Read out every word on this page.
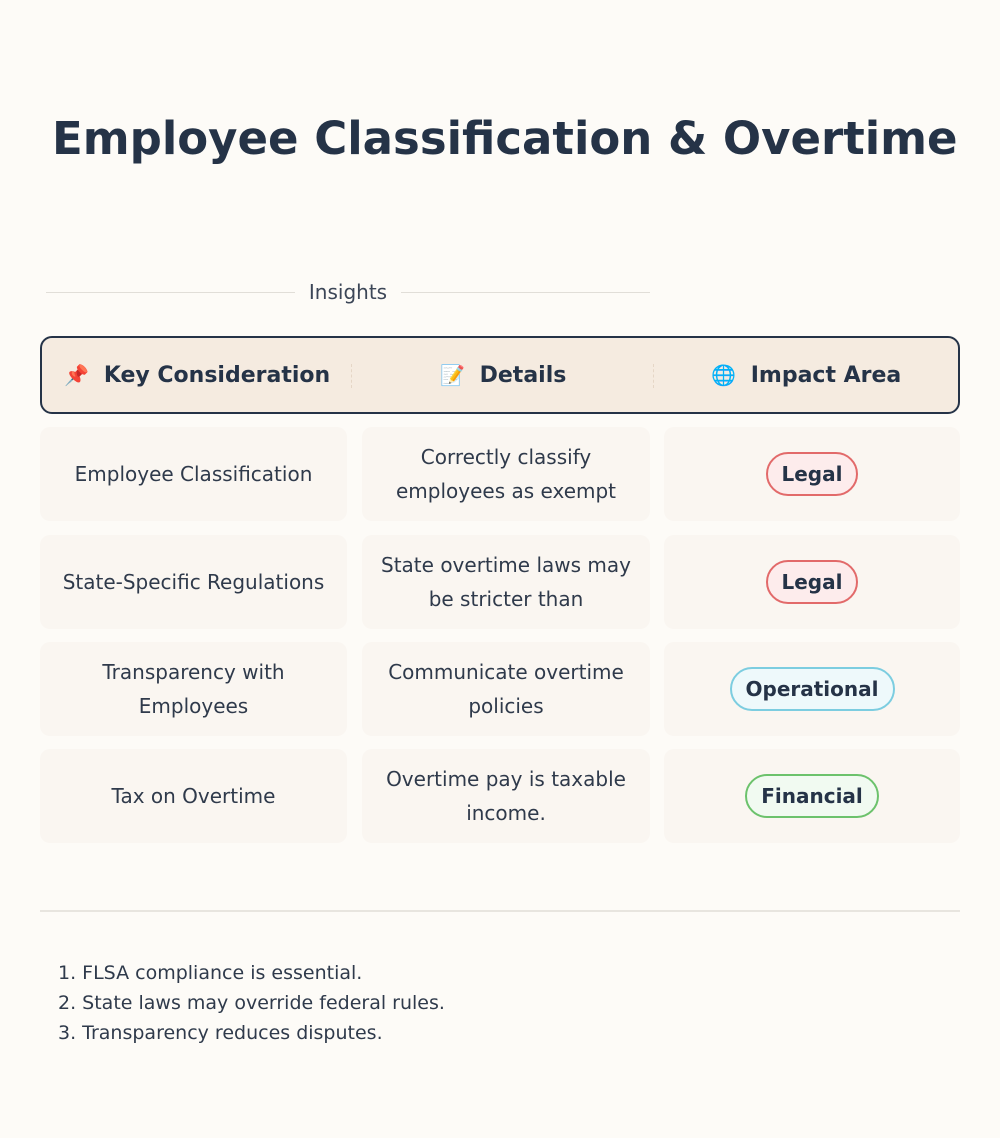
Employee Classification & Overtime
Insights
📌 Key Consideration	📝 Details	🌐 Impact Area
Employee Classification
Correctly classify employees as exempt
Legal
State-Specific Regulations
State overtime laws may be stricter than
Legal
Transparency with Employees
Communicate overtime policies
Operational
Tax on Overtime
Overtime pay is taxable income.
Financial
1. FLSA compliance is essential.
2. State laws may override federal rules.
3. Transparency reduces disputes.
